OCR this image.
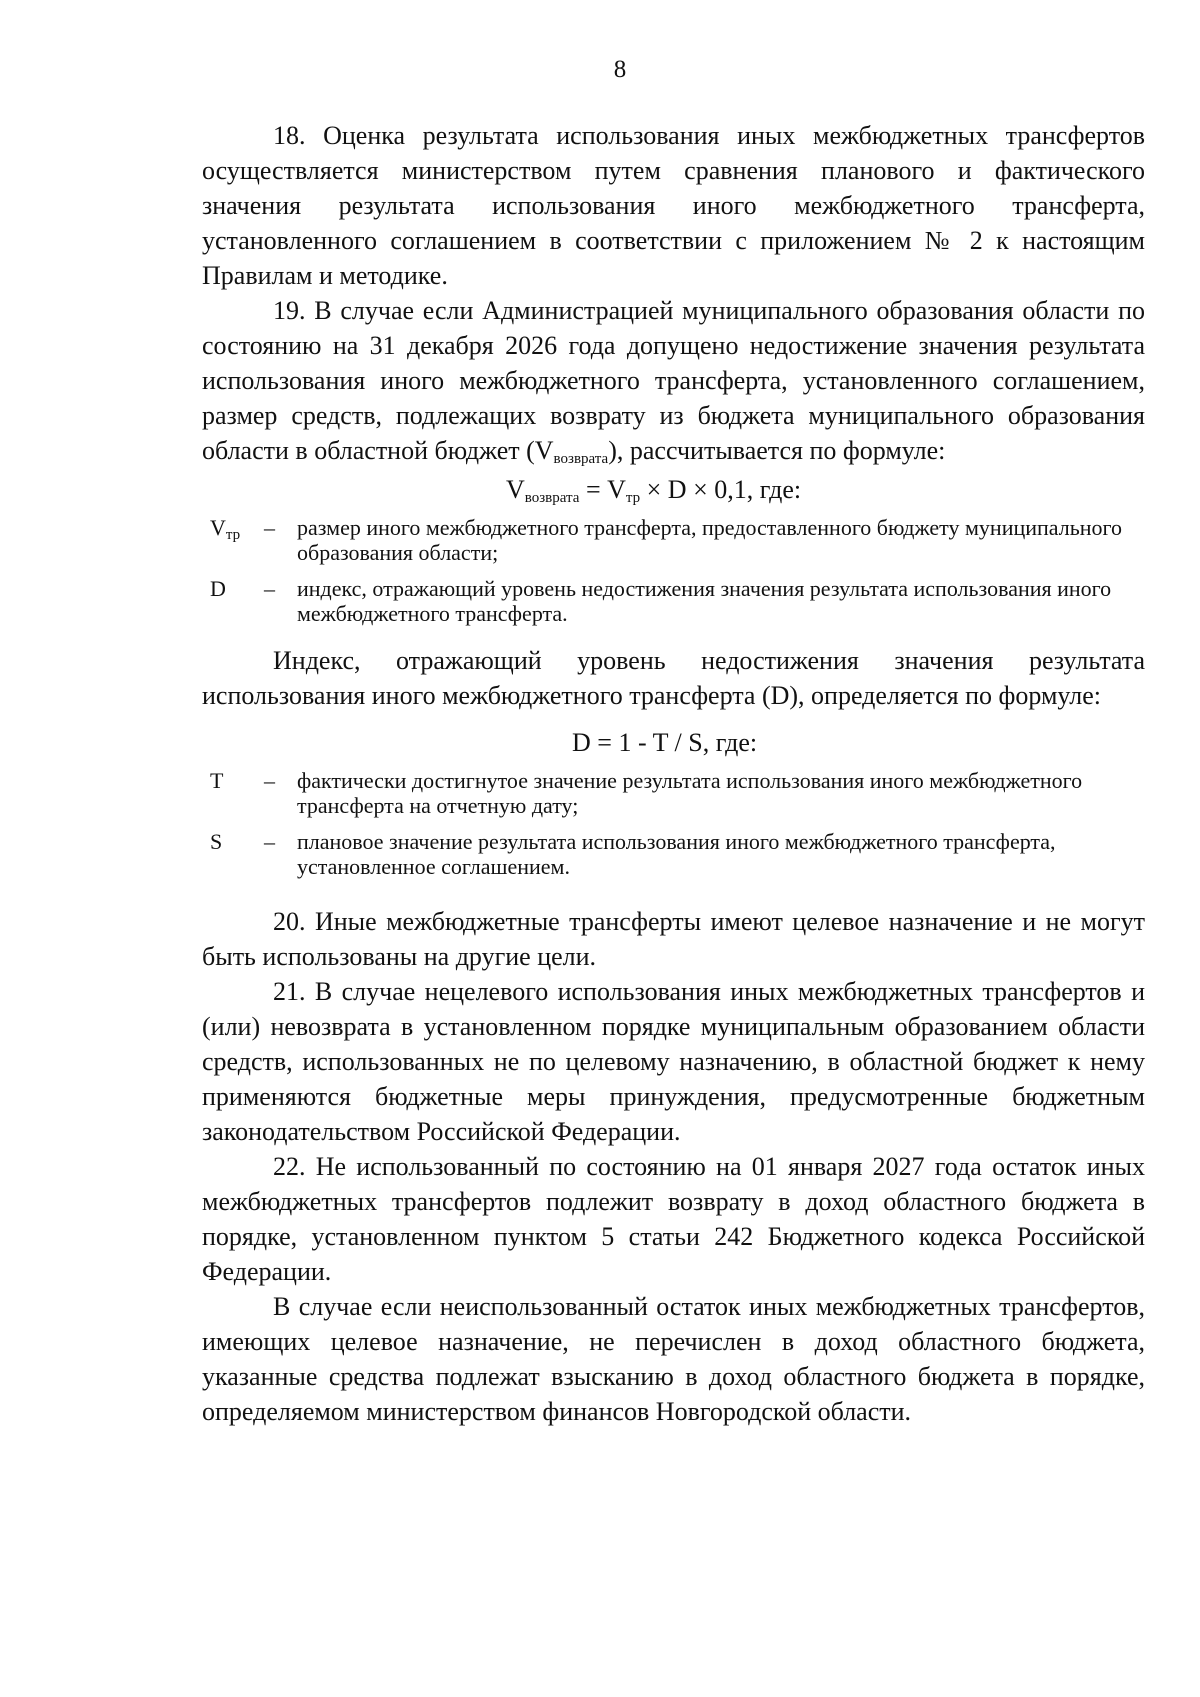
8

18. Оценка результата использования иных межбюджетных трансфертов осуществляется министерством путем сравнения планового и фактического значения результата использования иного межбюджетного трансферта, установленного соглашением в соответствии с приложением № 2 к настоящим Правилам и методике.

19. В случае если Администрацией муниципального образования области по состоянию на 31 декабря 2026 года допущено недостижение значения результата использования иного межбюджетного трансферта, установленного соглашением, размер средств, подлежащих возврату из бюджета муниципального образования области в областной бюджет $(V_{возврата})$, рассчитывается по формуле:

$V_{возврата} = V_{тр} \times D \times 0,1$, где:

$V_{тр}$	–	размер иного межбюджетного трансферта, предоставленного бюджету муниципального образования области;
D	–	индекс, отражающий уровень недостижения значения результата использования иного межбюджетного трансферта.

Индекс, отражающий уровень недостижения значения результата использования иного межбюджетного трансферта (D), определяется по формуле:

D = 1 - T / S, где:

T	–	фактически достигнутое значение результата использования иного межбюджетного трансферта на отчетную дату;
S	–	плановое значение результата использования иного межбюджетного трансферта, установленное соглашением.

20. Иные межбюджетные трансферты имеют целевое назначение и не могут быть использованы на другие цели.

21. В случае нецелевого использования иных межбюджетных трансфертов и (или) невозврата в установленном порядке муниципальным образованием области средств, использованных не по целевому назначению, в областной бюджет к нему применяются бюджетные меры принуждения, предусмотренные бюджетным законодательством Российской Федерации.

22. Не использованный по состоянию на 01 января 2027 года остаток иных межбюджетных трансфертов подлежит возврату в доход областного бюджета в порядке, установленном пунктом 5 статьи 242 Бюджетного кодекса Российской Федерации.

В случае если неиспользованный остаток иных межбюджетных трансфертов, имеющих целевое назначение, не перечислен в доход областного бюджета, указанные средства подлежат взысканию в доход областного бюджета в порядке, определяемом министерством финансов Новгородской области.
